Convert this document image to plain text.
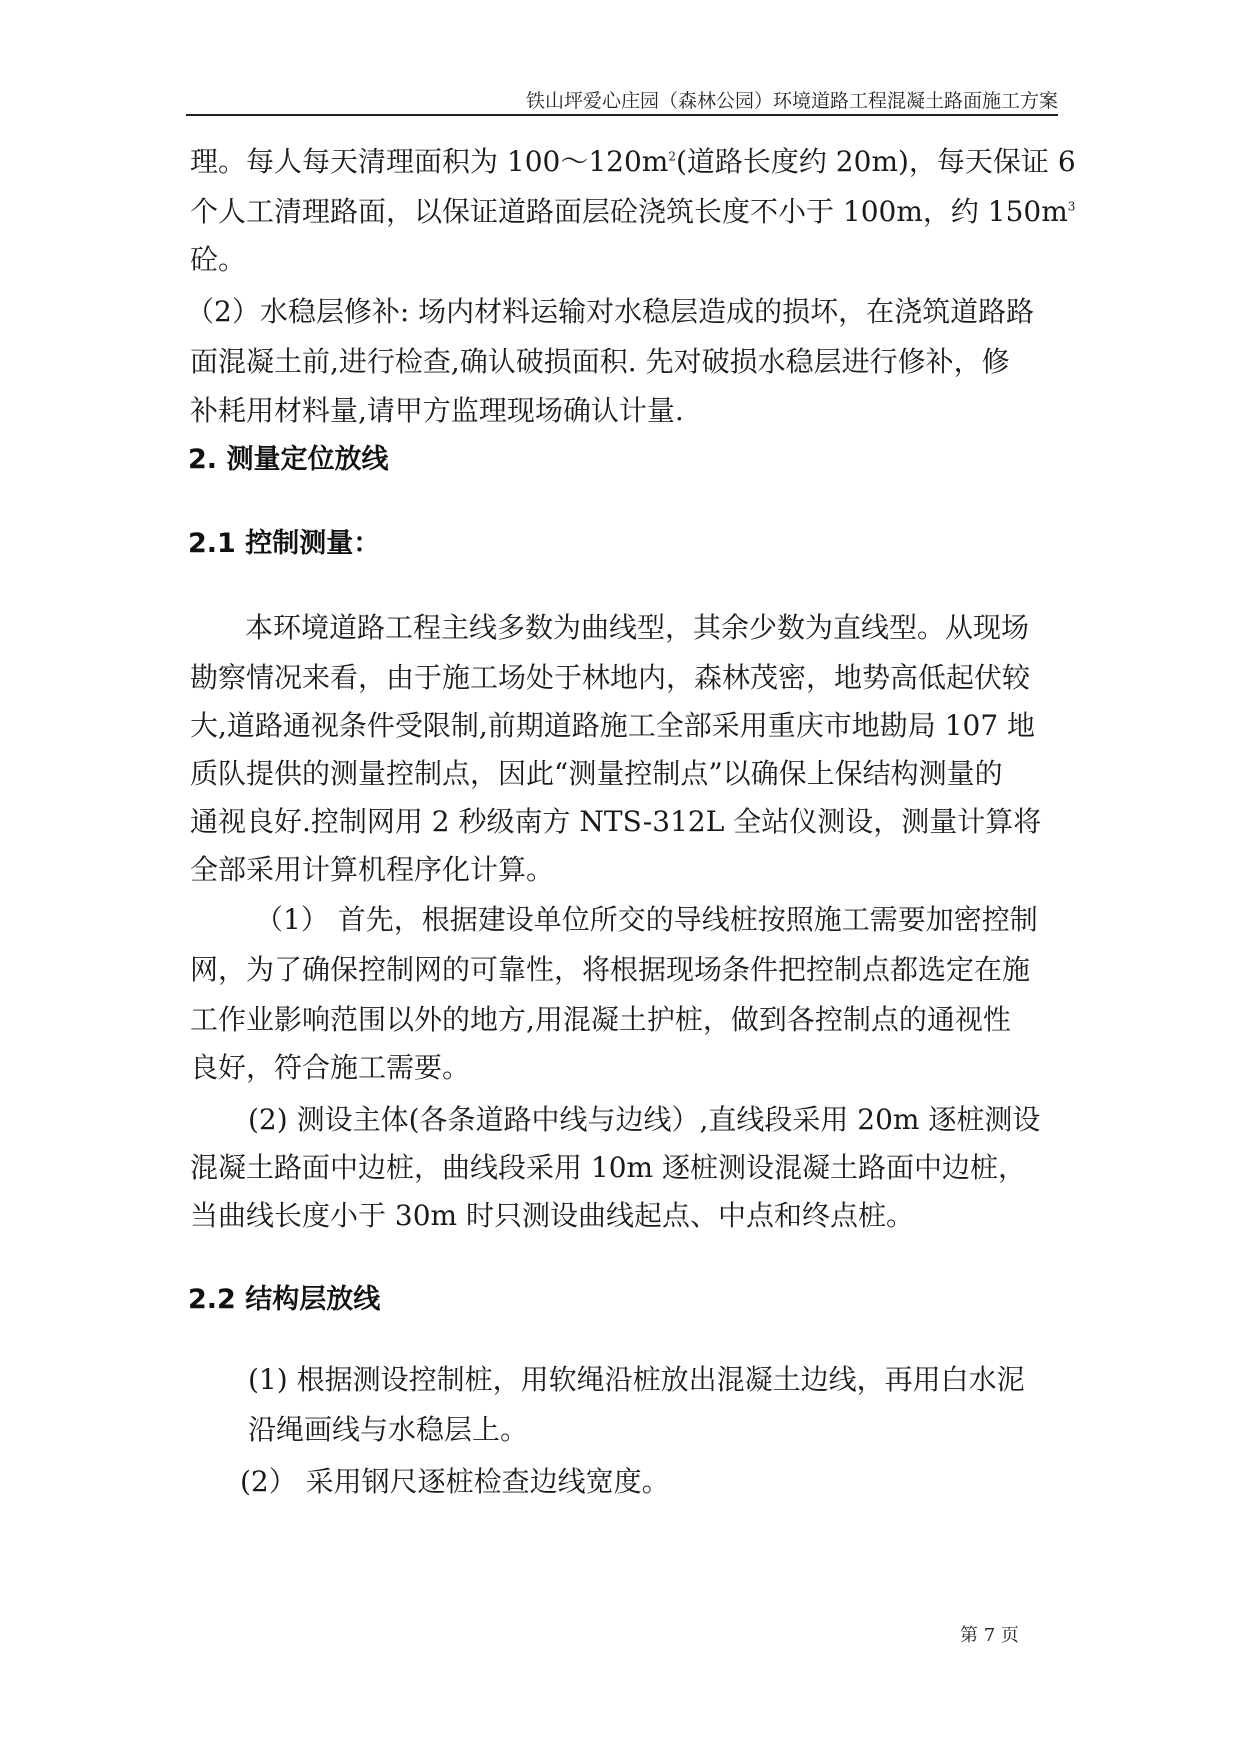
铁山坪爱心庄园（森林公园）环境道路工程混凝土路面施工方案
理。每人每天清理面积为 $100\sim 120m^2$(道路长度约 20m)，每天保证 6
个人工清理路面，以保证道路面层砼浇筑长度不小于 100m，约 $150m^3$
砼。
（2）水稳层修补: 场内材料运输对水稳层造成的损坏，在浇筑道路路
面混凝土前,进行检查,确认破损面积. 先对破损水稳层进行修补，修
补耗用材料量,请甲方监理现场确认计量.
2. 测量定位放线
2.1 控制测量：
本环境道路工程主线多数为曲线型，其余少数为直线型。从现场
勘察情况来看，由于施工场处于林地内，森林茂密，地势高低起伏较
大,道路通视条件受限制,前期道路施工全部采用重庆市地勘局 107 地
质队提供的测量控制点，因此“测量控制点”以确保上保结构测量的
通视良好.控制网用 2 秒级南方 NTS-312L 全站仪测设，测量计算将
全部采用计算机程序化计算。
（1） 首先，根据建设单位所交的导线桩按照施工需要加密控制
网，为了确保控制网的可靠性，将根据现场条件把控制点都选定在施
工作业影响范围以外的地方,用混凝土护桩，做到各控制点的通视性
良好，符合施工需要。
(2) 测设主体(各条道路中线与边线）,直线段采用 20m 逐桩测设
混凝土路面中边桩，曲线段采用 10m 逐桩测设混凝土路面中边桩，
当曲线长度小于 30m 时只测设曲线起点、中点和终点桩。
2.2 结构层放线
(1) 根据测设控制桩，用软绳沿桩放出混凝土边线，再用白水泥
沿绳画线与水稳层上。
(2） 采用钢尺逐桩检查边线宽度。
第 7 页
